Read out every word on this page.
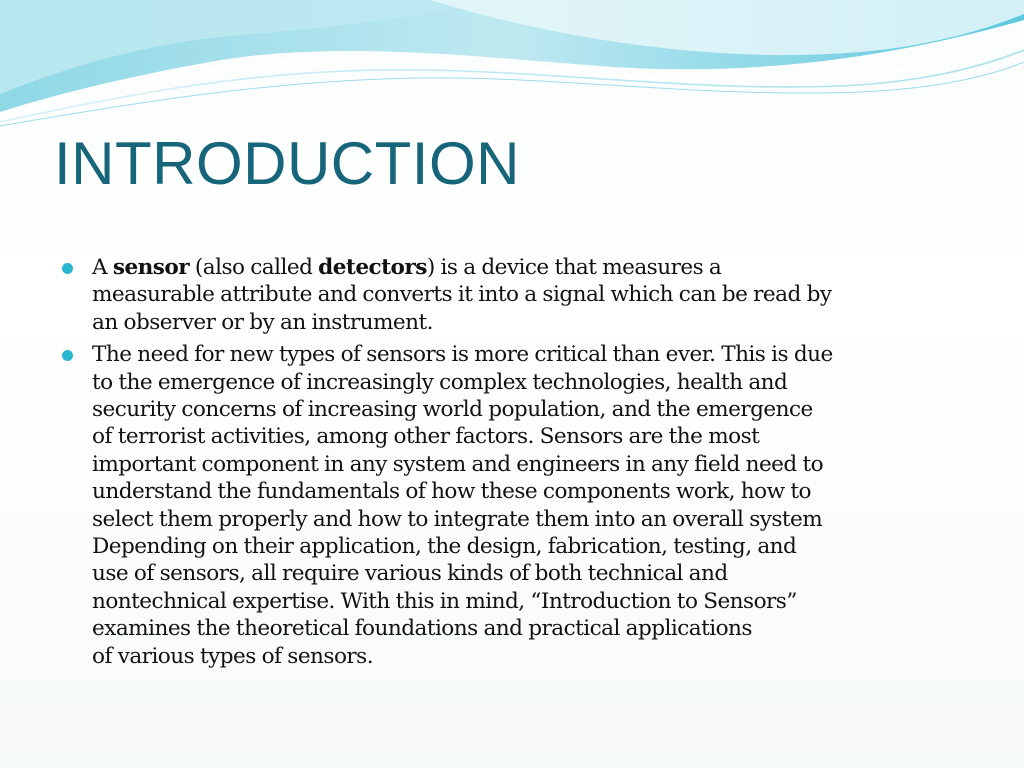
INTRODUCTION
A sensor (also called detectors) is a device that measures a
measurable attribute and converts it into a signal which can be read by
an observer or by an instrument.
The need for new types of sensors is more critical than ever. This is due
to the emergence of increasingly complex technologies, health and
security concerns of increasing world population, and the emergence
of terrorist activities, among other factors. Sensors are the most
important component in any system and engineers in any field need to
understand the fundamentals of how these components work, how to
select them properly and how to integrate them into an overall system
Depending on their application, the design, fabrication, testing, and
use of sensors, all require various kinds of both technical and
nontechnical expertise. With this in mind, “Introduction to Sensors”
examines the theoretical foundations and practical applications
of various types of sensors.
